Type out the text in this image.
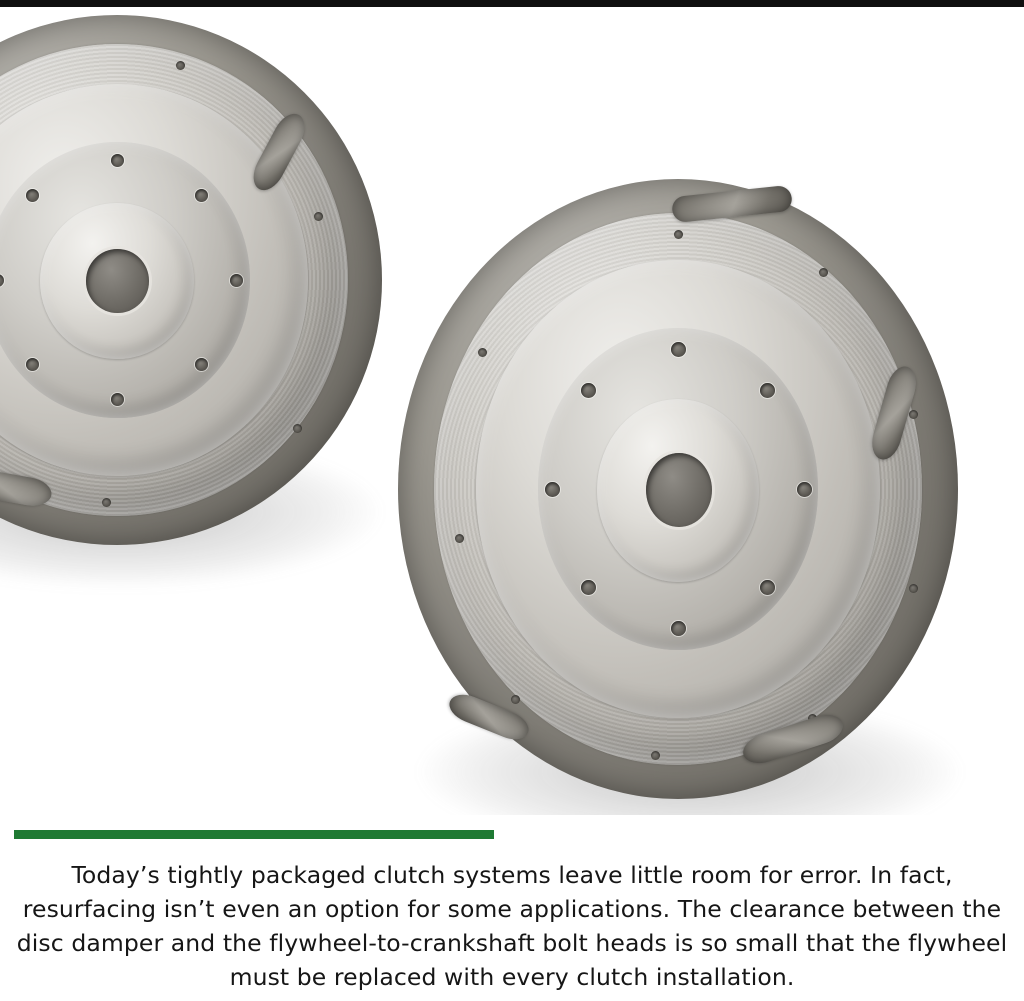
Today’s tightly packaged clutch systems leave little room for error. In fact, resurfacing isn’t even an option for some applications. The clearance between the disc damper and the flywheel-to-crankshaft bolt heads is so small that the flywheel must be replaced with every clutch installation.
